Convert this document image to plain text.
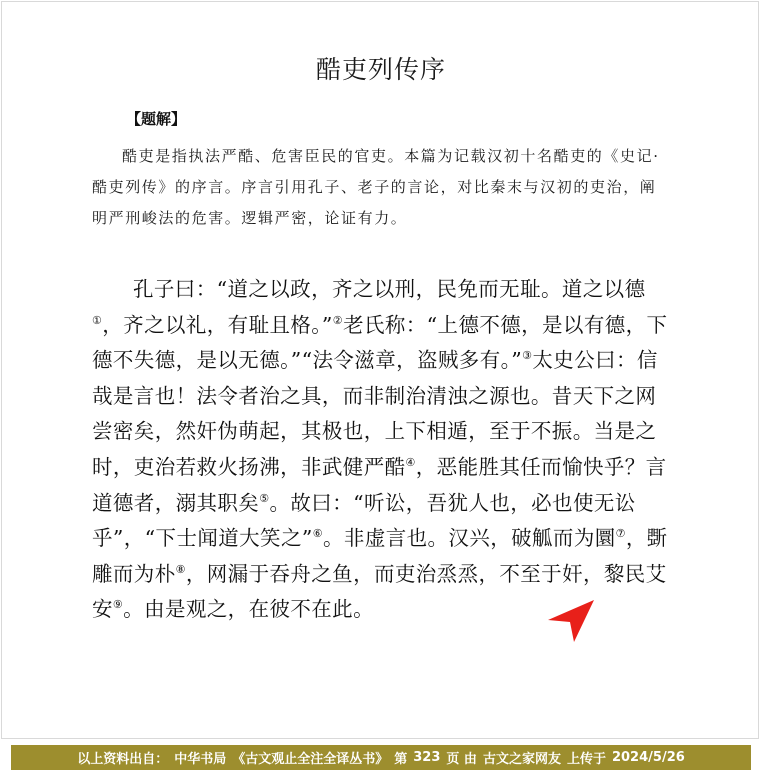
酷吏列传序
【题解】

酷吏是指执法严酷、危害臣民的官吏。本篇为记载汉初十名酷吏的《史记·酷吏列传》的序言。序言引用孔子、老子的言论，对比秦末与汉初的吏治，阐明严刑峻法的危害。逻辑严密，论证有力。

孔子曰：“道之以政，齐之以刑，民免而无耻。道之以德①，齐之以礼，有耻且格。”②老氏称：“上德不德，是以有德，下德不失德，是以无德。”“法令滋章，盗贼多有。”③太史公曰：信哉是言也！法令者治之具，而非制治清浊之源也。昔天下之网尝密矣，然奸伪萌起，其极也，上下相遁，至于不振。当是之时，吏治若救火扬沸，非武健严酷④，恶能胜其任而愉快乎？言道德者，溺其职矣⑤。故曰：“听讼，吾犹人也，必也使无讼乎”，“下士闻道大笑之”⑥。非虚言也。汉兴，破觚而为圜⑦，斲雕而为朴⑧，网漏于吞舟之鱼，而吏治烝烝，不至于奸，黎民艾安⑨。由是观之，在彼不在此。

以上资料出自： 中华书局 《古文观止全注全译丛书》 第 323 页 由 古文之家网友 上传于 2024/5/26
